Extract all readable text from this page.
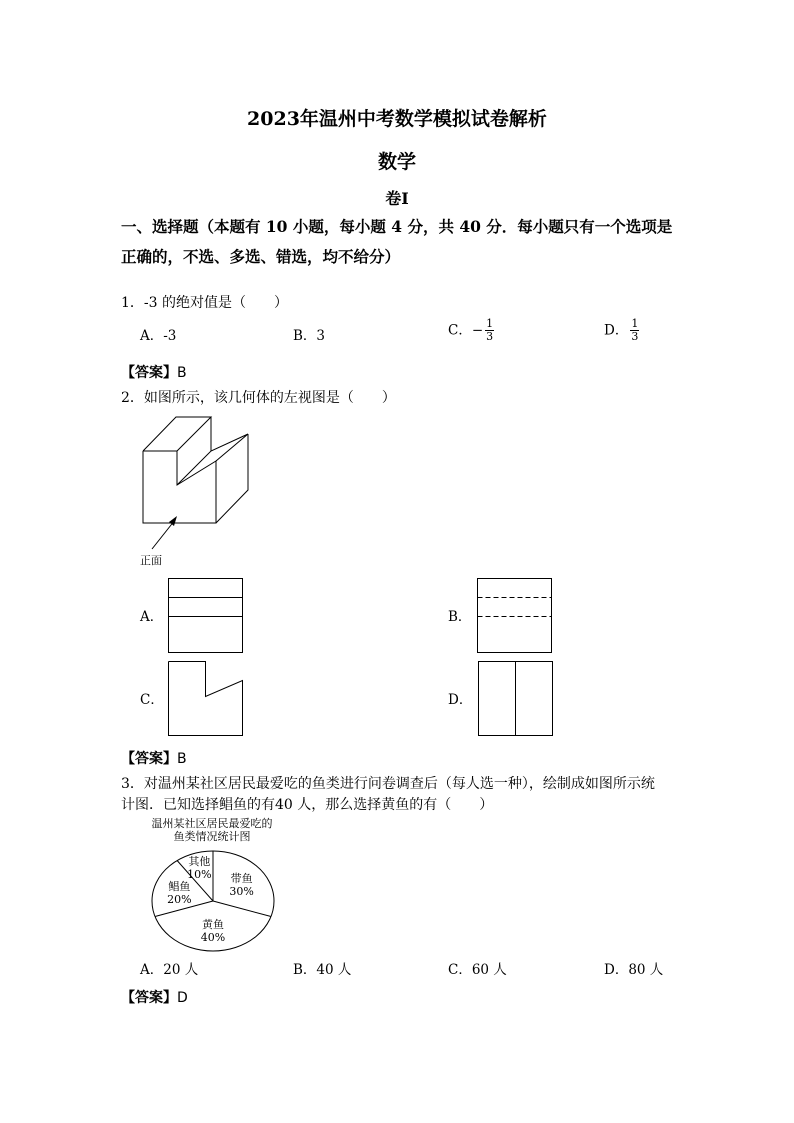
2023年温州中考数学模拟试卷解析
数学
卷Ⅰ
一、选择题（本题有 10 小题，每小题 4 分，共 40 分．每小题只有一个选项是正确的，不选、多选、错选，均不给分）
1．-3 的绝对值是（　　）
A．-3	B．3	C．− $\frac{1}{3}$	D． $\frac{1}{3}$
【答案】B
2．如图所示，该几何体的左视图是（　　）
正面
A．	B．
C．	D．
【答案】B
3．对温州某社区居民最爱吃的鱼类进行问卷调查后（每人选一种），绘制成如图所示统
计图．已知选择鲳鱼的有40 人，那么选择黄鱼的有（　　）
温州某社区居民最爱吃的
鱼类情况统计图
带鱼
30%
黄鱼
40%
鲳鱼
20%
其他
10%
A．20 人	B．40 人	C．60 人	D．80 人
【答案】D
